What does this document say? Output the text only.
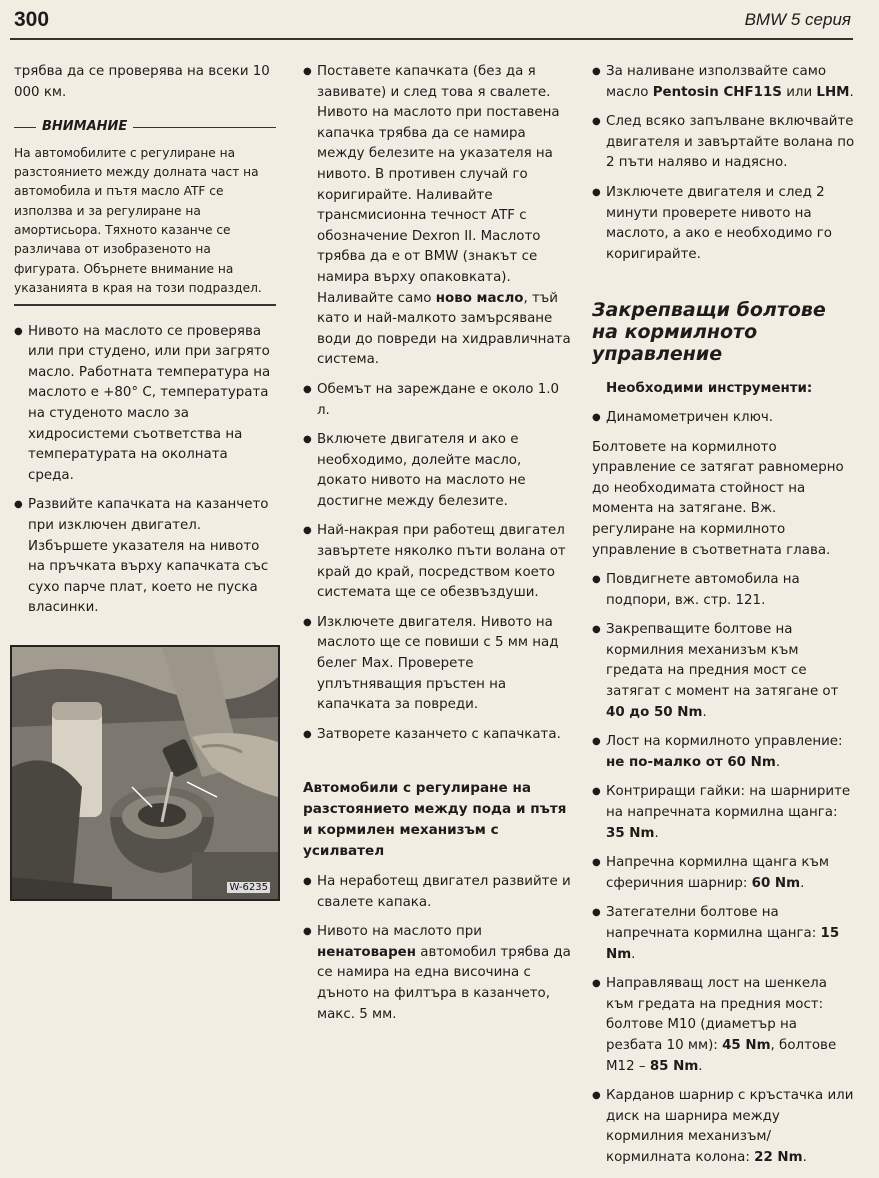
300	BMW 5 серия

трябва да се проверява на всеки 10 000 км.

ВНИМАНИЕ
На автомобилите с регулиране на разстоянието между долната част на автомобила и пътя масло ATF се използва и за регулиране на амортисьора. Тяхното казанче се различава от изобразеното на фигурата. Обърнете внимание на указанията в края на този подраздел.
● Нивото на маслото се проверява или при студено, или при загрято масло. Работната температура на маслото е +80° C, температурата на студеното масло за хидросистеми съответства на температурата на околната среда.
● Развийте капачката на казанчето при изключен двигател. Избършете указателя на нивото на пръчката върху капачката със сухо парче плат, което не пуска власинки.
W-6235
● Поставете капачката (без да я завивате) и след това я свалете. Нивото на маслото при поставена капачка трябва да се намира между белезите на указателя на нивото. В противен случай го коригирайте. Наливайте трансмисионна течност ATF с обозначение Dexron II. Маслото трябва да е от BMW (знакът се намира върху опаковката). Наливайте само ново масло, тъй като и най-малкото замърсяване води до повреди на хидравличната система.
● Обемът на зареждане е около 1.0 л.
● Включете двигателя и ако е необходимо, долейте масло, докато нивото на маслото не достигне между белезите.
● Най-накрая при работещ двигател завъртете няколко пъти волана от край до край, посредством което системата ще се обезвъздуши.
● Изключете двигателя. Нивото на маслото ще се повиши с 5 мм над белег Max. Проверете уплътняващия пръстен на капачката за повреди.
● Затворете казанчето с капачката.
Автомобили с регулиране на разстоянието между пода и пътя и кормилен механизъм с усилвател
● На неработещ двигател развийте и свалете капака.
● Нивото на маслото при ненатоварен автомобил трябва да се намира на една височина с дъното на филтъра в казанчето, макс. 5 мм.
● За наливане използвайте само масло Pentosin CHF11S или LHM.
● След всяко запълване включвайте двигателя и завъртайте волана по 2 пъти наляво и надясно.
● Изключете двигателя и след 2 минути проверете нивото на маслото, а ако е необходимо го коригирайте.
Закрепващи болтове на кормилното управление
Необходими инструменти:
● Динамометричен ключ.

Болтовете на кормилното управление се затягат равномерно до необходимата стойност на момента на затягане. Вж. регулиране на кормилното управление в съответната глава.

● Повдигнете автомобила на подпори, вж. стр. 121.
● Закрепващите болтове на кормилния механизъм към гредата на предния мост се затягат с момент на затягане от 40 до 50 Nm.
● Лост на кормилното управление: не по-малко от 60 Nm.
● Контриращи гайки: на шарнирите на напречната кормилна щанга: 35 Nm.
● Напречна кормилна щанга към сферичния шарнир: 60 Nm.
● Затегателни болтове на напречната кормилна щанга: 15 Nm.
● Направляващ лост на шенкела към гредата на предния мост: болтове M10 (диаметър на резбата 10 мм): 45 Nm, болтове M12 – 85 Nm.
● Карданов шарнир с кръстачка или диск на шарнира между кормилния механизъм/кормилната колона: 22 Nm.
